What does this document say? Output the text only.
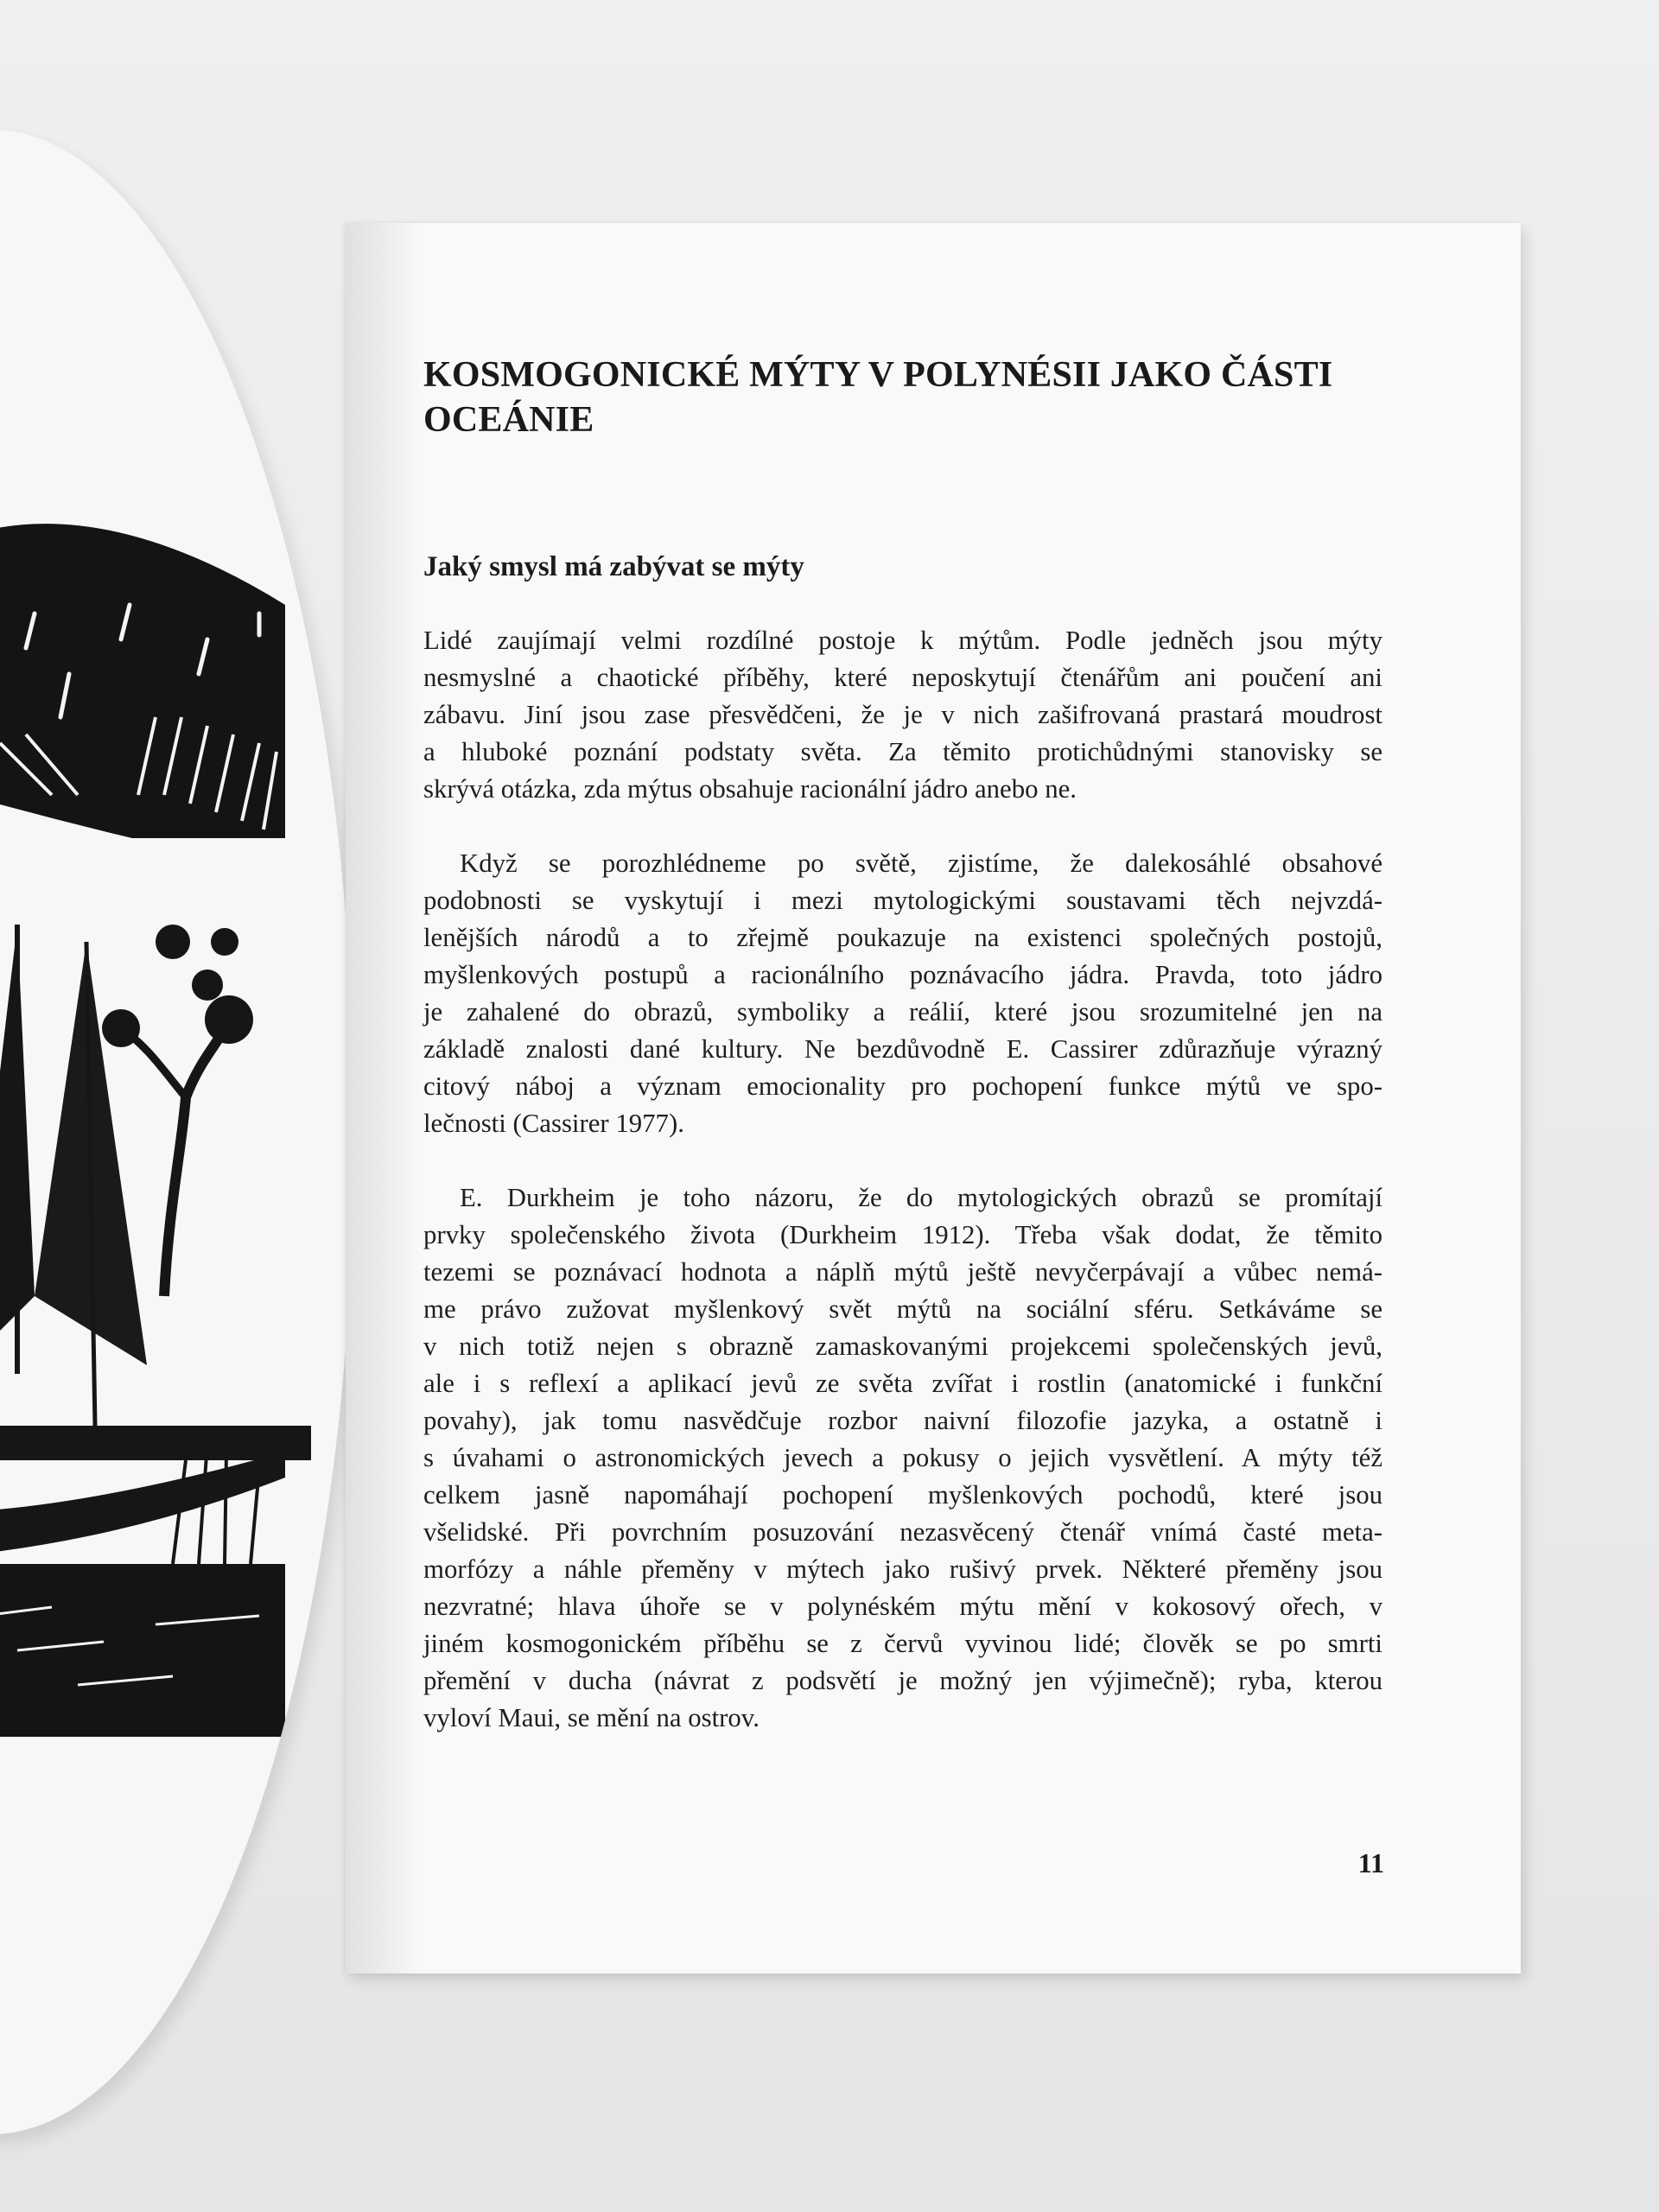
KOSMOGONICKÉ MÝTY V POLYNÉSII JAKO ČÁSTI
OCEÁNIE
Jaký smysl má zabývat se mýty

Lidé zaujímají velmi rozdílné postoje k mýtům. Podle jedněch jsou mýty
nesmyslné a chaotické příběhy, které neposkytují čtenářům ani poučení ani
zábavu. Jiní jsou zase přesvědčeni, že je v nich zašifrovaná prastará moudrost
a hluboké poznání podstaty světa. Za těmito protichůdnými stanovisky se
skrývá otázka, zda mýtus obsahuje racionální jádro anebo ne.

Když se porozhlédneme po světě, zjistíme, že dalekosáhlé obsahové
podobnosti se vyskytují i mezi mytologickými soustavami těch nejvzdá-
lenějších národů a to zřejmě poukazuje na existenci společných postojů,
myšlenkových postupů a racionálního poznávacího jádra. Pravda, toto jádro
je zahalené do obrazů, symboliky a reálií, které jsou srozumitelné jen na
základě znalosti dané kultury. Ne bezdůvodně E. Cassirer zdůrazňuje výrazný
citový náboj a význam emocionality pro pochopení funkce mýtů ve spo-
lečnosti (Cassirer 1977).

E. Durkheim je toho názoru, že do mytologických obrazů se promítají
prvky společenského života (Durkheim 1912). Třeba však dodat, že těmito
tezemi se poznávací hodnota a náplň mýtů ještě nevyčerpávají a vůbec nemá-
me právo zužovat myšlenkový svět mýtů na sociální sféru. Setkáváme se
v nich totiž nejen s obrazně zamaskovanými projekcemi společenských jevů,
ale i s reflexí a aplikací jevů ze světa zvířat i rostlin (anatomické i funkční
povahy), jak tomu nasvědčuje rozbor naivní filozofie jazyka, a ostatně i
s úvahami o astronomických jevech a pokusy o jejich vysvětlení. A mýty též
celkem jasně napomáhají pochopení myšlenkových pochodů, které jsou
všelidské. Při povrchním posuzování nezasvěcený čtenář vnímá časté meta-
morfózy a náhle přeměny v mýtech jako rušivý prvek. Některé přeměny jsou
nezvratné; hlava úhoře se v polynéském mýtu mění v kokosový ořech, v
jiném kosmogonickém příběhu se z červů vyvinou lidé; člověk se po smrti
přemění v ducha (návrat z podsvětí je možný jen výjimečně); ryba, kterou
vyloví Maui, se mění na ostrov.

11
